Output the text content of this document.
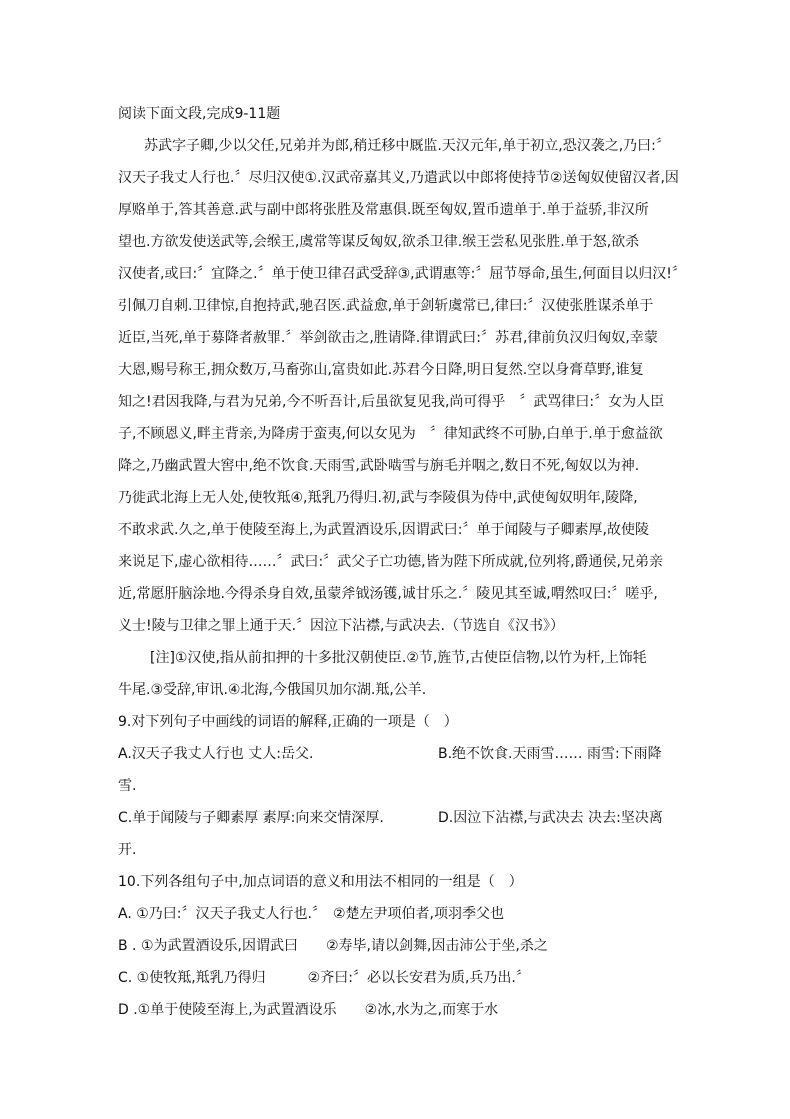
阅读下面文段,完成9-11题
苏武字子卿,少以父任,兄弟并为郎,稍迁移中厩监.天汉元年,单于初立,恐汉袭之,乃曰:〞
汉天子我丈人行也.〞尽归汉使①.汉武帝嘉其义,乃遣武以中郎将使持节②送匈奴使留汉者,因
厚赂单于,答其善意.武与副中郎将张胜及常惠俱.既至匈奴,置币遗单于.单于益骄,非汉所
望也.方欲发使送武等,会缑王,虞常等谋反匈奴,欲杀卫律.缑王尝私见张胜.单于怒,欲杀
汉使者,或曰:〞宜降之.〞单于使卫律召武受辞③,武谓惠等:〞屈节辱命,虽生,何面目以归汉!〞
引佩刀自刺.卫律惊,自抱持武,驰召医.武益愈,单于剑斩虞常已,律曰:〞汉使张胜谋杀单于
近臣,当死,单于募降者赦罪.〞举剑欲击之,胜请降.律谓武曰:〞苏君,律前负汉归匈奴,幸蒙
大恩,赐号称王,拥众数万,马畜弥山,富贵如此.苏君今日降,明日复然.空以身膏草野,谁复
知之!君因我降,与君为兄弟,今不听吾计,后虽欲复见我,尚可得乎　〞武骂律曰:〞女为人臣
子,不顾恩义,畔主背亲,为降虏于蛮夷,何以女见为　〞律知武终不可胁,白单于.单于愈益欲
降之,乃幽武置大窖中,绝不饮食.天雨雪,武卧啮雪与旃毛并咽之,数日不死,匈奴以为神.
乃徙武北海上无人处,使牧羝④,羝乳乃得归.初,武与李陵俱为侍中,武使匈奴明年,陵降,
不敢求武.久之,单于使陵至海上,为武置酒设乐,因谓武曰:〞单于闻陵与子卿素厚,故使陵
来说足下,虚心欲相待……〞武曰:〞武父子亡功德,皆为陛下所成就,位列将,爵通侯,兄弟亲
近,常愿肝脑涂地.今得杀身自效,虽蒙斧钺汤镬,诚甘乐之.〞陵见其至诚,喟然叹曰:〞嗟乎,
义士!陵与卫律之罪上通于天.〞因泣下沾襟,与武决去.（节选自《汉书》）
[注]①汉使,指从前扣押的十多批汉朝使臣.②节,旌节,古使臣信物,以竹为杆,上饰牦
牛尾.③受辞,审讯.④北海,今俄国贝加尔湖.羝,公羊.
9.对下列句子中画线的词语的解释,正确的一项是（　）
A.汉天子我丈人行也 丈人:岳父.	B.绝不饮食.天雨雪…… 雨雪:下雨降
雪.
C.单于闻陵与子卿素厚 素厚:向来交情深厚.	D.因泣下沾襟,与武决去 决去:坚决离
开.
10.下列各组句子中,加点词语的意义和用法不相同的一组是（　）
A. ①乃曰:〞汉天子我丈人行也.〞　②楚左尹项伯者,项羽季父也
B . ①为武置酒设乐,因谓武曰　　②寿毕,请以剑舞,因击沛公于坐,杀之
C. ①使牧羝,羝乳乃得归　　　②齐曰:〞必以长安君为质,兵乃出.〞
D .①单于使陵至海上,为武置酒设乐　　②冰,水为之,而寒于水
